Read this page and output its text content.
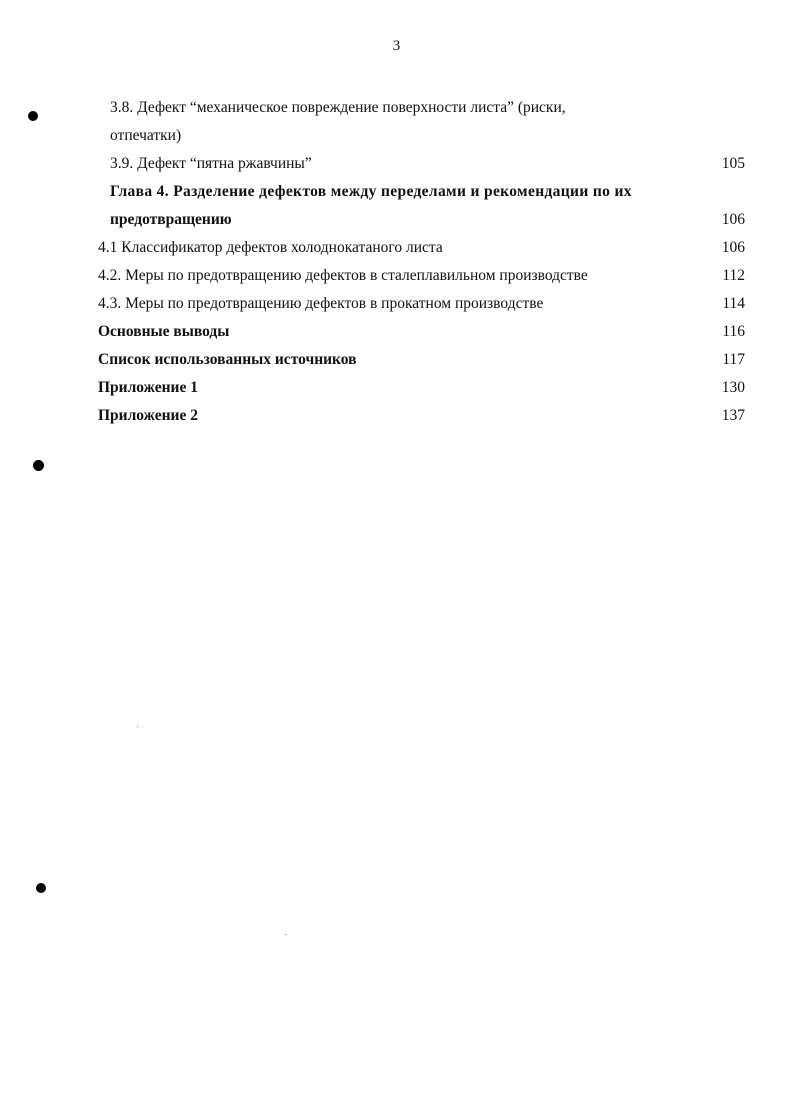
3
3.8. Дефект “механическое повреждение поверхности листа” (риски,
отпечатки)
3.9. Дефект “пятна ржавчины”	105
Глава 4. Разделение дефектов между переделами и рекомендации по их
предотвращению	106
4.1 Классификатор дефектов холоднокатаного листа	106
4.2. Меры по предотвращению дефектов в сталеплавильном производстве	112
4.3. Меры по предотвращению дефектов в прокатном производстве	114
Основные выводы	116
Список использованных источников	117
Приложение 1	130
Приложение 2	137
